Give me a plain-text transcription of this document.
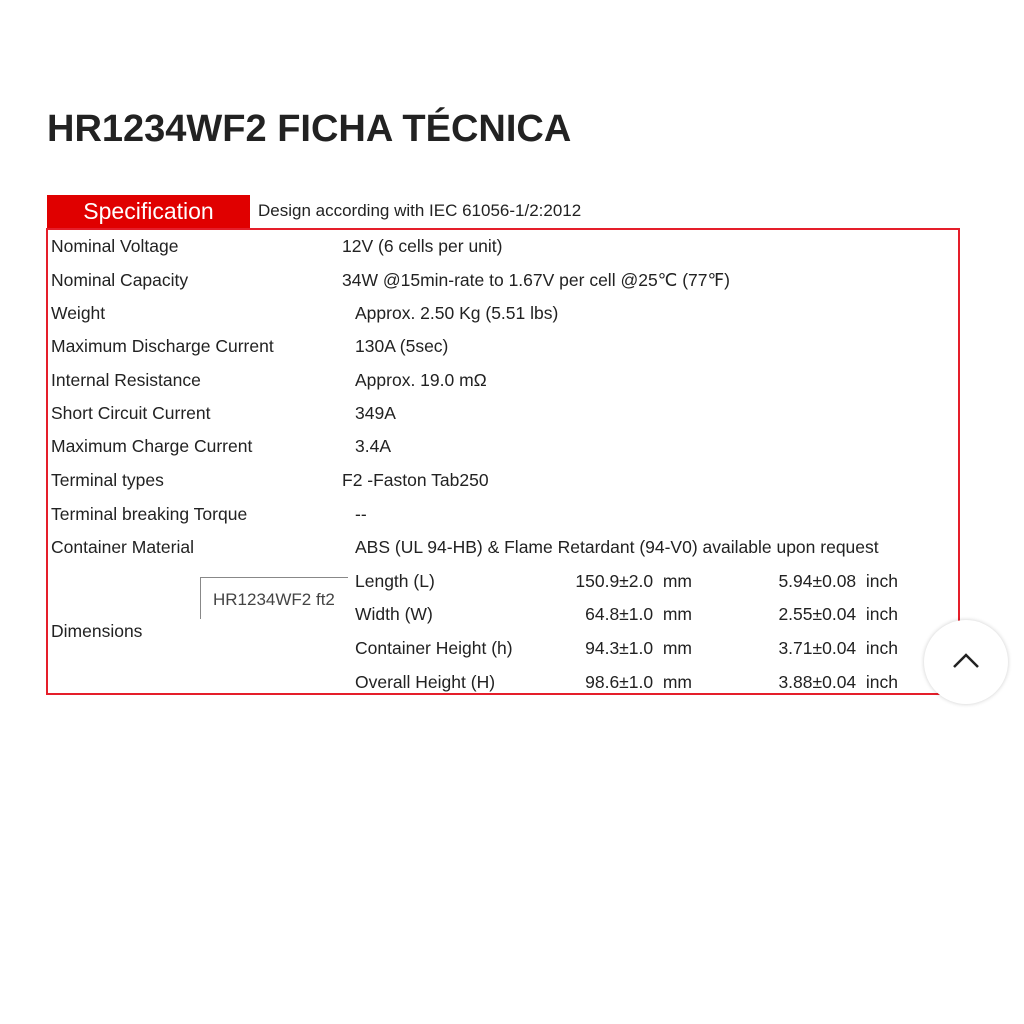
HR1234WF2 FICHA TÉCNICA
Specification	Design according with IEC 61056-1/2:2012
Nominal Voltage	12V (6 cells per unit)
Nominal Capacity	34W @15min-rate to 1.67V per cell @25℃ (77℉)
Weight	Approx. 2.50 Kg (5.51 lbs)
Maximum Discharge Current	130A (5sec)
Internal Resistance	Approx. 19.0 mΩ
Short Circuit Current	349A
Maximum Charge Current	3.4A
Terminal types	F2 -Faston Tab250
Terminal breaking Torque	--
Container Material	ABS (UL 94-HB) & Flame Retardant (94-V0) available upon request
Dimensions
Length (L)	150.9±2.0  mm	5.94±0.08  inch
Width (W)	64.8±1.0  mm	2.55±0.04  inch
Container Height (h)	94.3±1.0  mm	3.71±0.04  inch
Overall Height (H)	98.6±1.0  mm	3.88±0.04  inch
HR1234WF2 ft2
